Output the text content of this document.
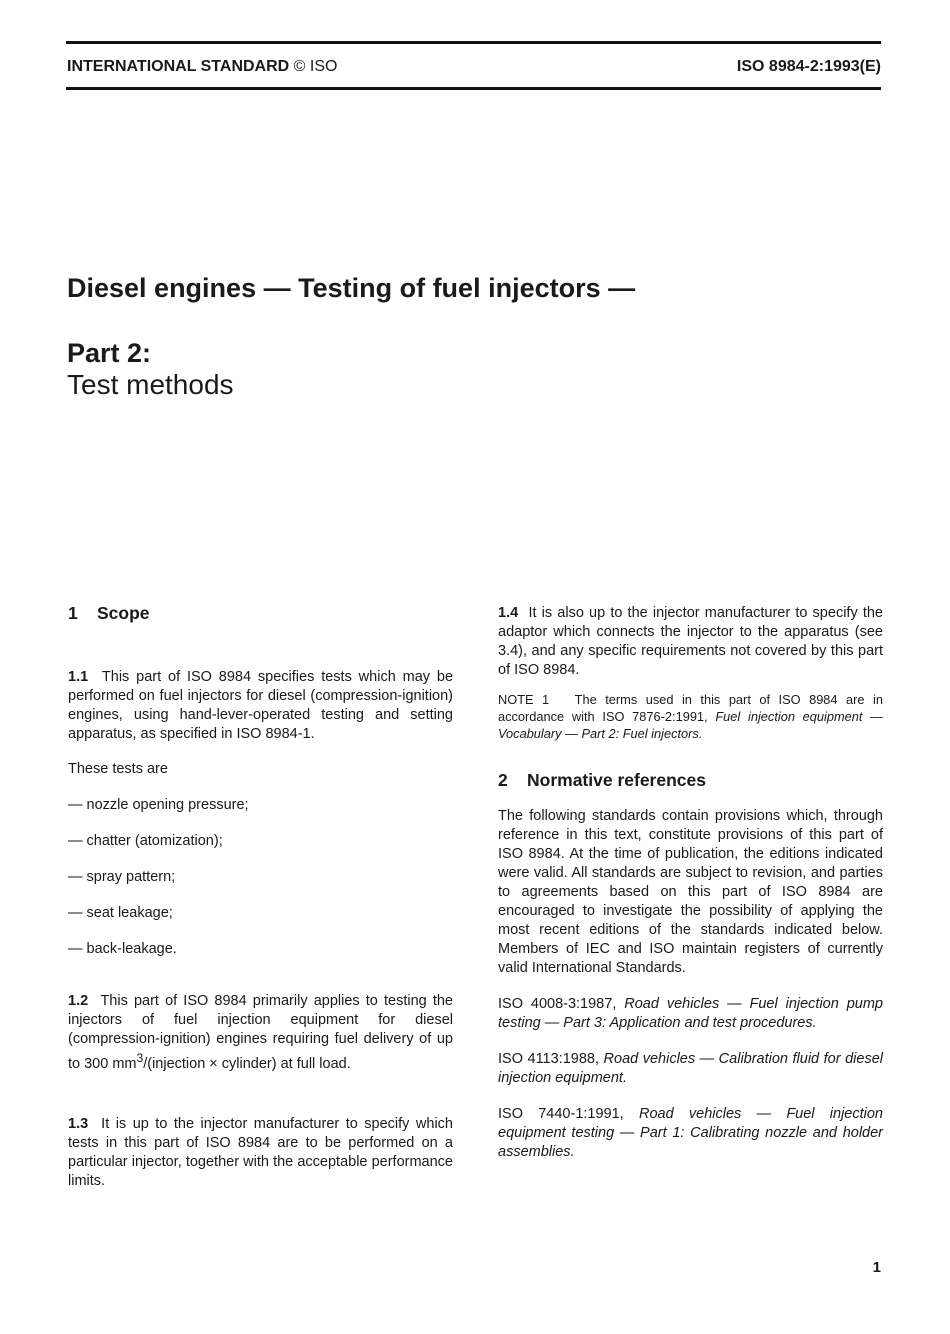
INTERNATIONAL STANDARD © ISO	ISO 8984-2:1993(E)
Diesel engines — Testing of fuel injectors —
Part 2:
Test methods
1 Scope

1.1 This part of ISO 8984 specifies tests which may be performed on fuel injectors for diesel (compression-ignition) engines, using hand-lever-operated testing and setting apparatus, as specified in ISO 8984-1.

These tests are

— nozzle opening pressure;

— chatter (atomization);

— spray pattern;

— seat leakage;

— back-leakage.

1.2 This part of ISO 8984 primarily applies to testing the injectors of fuel injection equipment for diesel (compression-ignition) engines requiring fuel delivery of up to 300 $mm^3/(injection$ × cylinder) at full load.

1.3 It is up to the injector manufacturer to specify which tests in this part of ISO 8984 are to be performed on a particular injector, together with the acceptable performance limits.

1.4 It is also up to the injector manufacturer to specify the adaptor which connects the injector to the apparatus (see 3.4), and any specific requirements not covered by this part of ISO 8984.

NOTE 1 The terms used in this part of ISO 8984 are in accordance with ISO 7876-2:1991, Fuel injection equipment — Vocabulary — Part 2: Fuel injectors.

2 Normative references

The following standards contain provisions which, through reference in this text, constitute provisions of this part of ISO 8984. At the time of publication, the editions indicated were valid. All standards are subject to revision, and parties to agreements based on this part of ISO 8984 are encouraged to investigate the possibility of applying the most recent editions of the standards indicated below. Members of IEC and ISO maintain registers of currently valid International Standards.

ISO 4008-3:1987, Road vehicles — Fuel injection pump testing — Part 3: Application and test procedures.

ISO 4113:1988, Road vehicles — Calibration fluid for diesel injection equipment.

ISO 7440-1:1991, Road vehicles — Fuel injection equipment testing — Part 1: Calibrating nozzle and holder assemblies.

1
